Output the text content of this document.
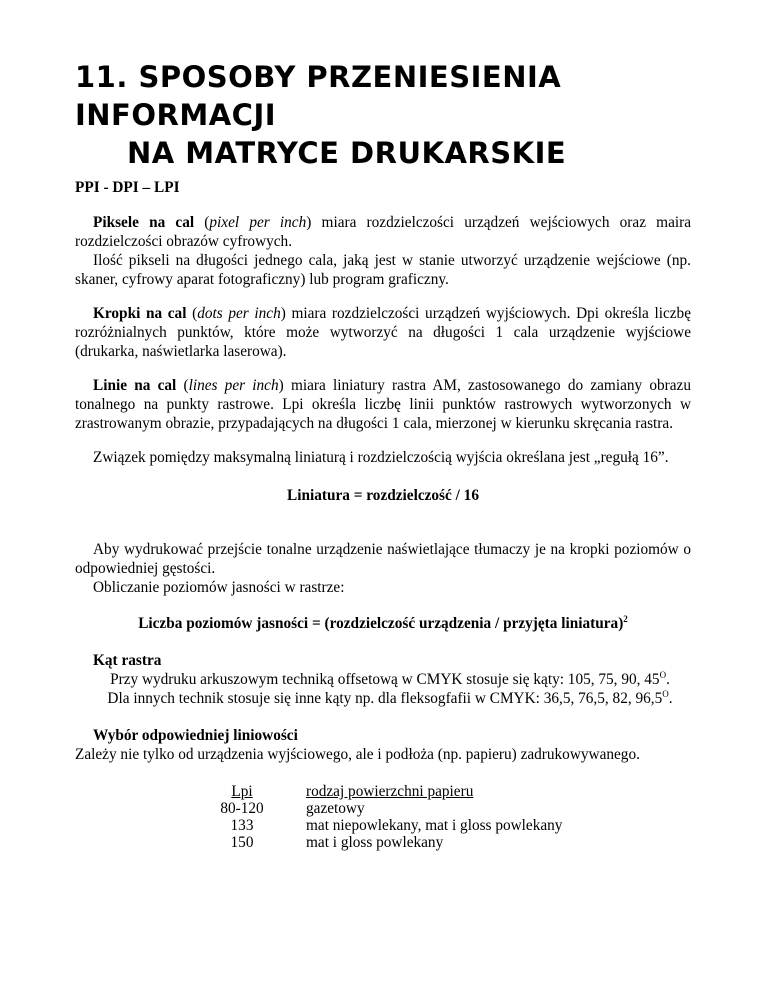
11. SPOSOBY PRZENIESIENIA INFORMACJI
NA MATRYCE DRUKARSKIE
PPI - DPI – LPI
Piksele na cal (pixel per inch) miara rozdzielczości urządzeń wejściowych oraz maira rozdzielczości obrazów cyfrowych.
Ilość pikseli na długości jednego cala, jaką jest w stanie utworzyć urządzenie wejściowe (np. skaner, cyfrowy aparat fotograficzny) lub program graficzny.
Kropki na cal (dots per inch) miara rozdzielczości urządzeń wyjściowych. Dpi określa liczbę rozróżnialnych punktów, które może wytworzyć na długości 1 cala urządzenie wyjściowe (drukarka, naświetlarka laserowa).
Linie na cal (lines per inch) miara liniatury rastra AM, zastosowanego do zamiany obrazu tonalnego na punkty rastrowe. Lpi określa liczbę linii punktów rastrowych wytworzonych w zrastrowanym obrazie, przypadających na długości 1 cala, mierzonej w kierunku skręcania rastra.
Związek pomiędzy maksymalną liniaturą i rozdzielczością wyjścia określana jest „regułą 16”.
Liniatura = rozdzielczość / 16
Aby wydrukować przejście tonalne urządzenie naświetlające tłumaczy je na kropki poziomów o odpowiedniej gęstości.
Obliczanie poziomów jasności w rastrze:
Liczba poziomów jasności = (rozdzielczość urządzenia / przyjęta liniatura)$^2$
Kąt rastra
Przy wydruku arkuszowym techniką offsetową w CMYK stosuje się kąty: 105, 75, 90, $45^O$.
Dla innych technik stosuje się inne kąty np. dla fleksogfafii w CMYK: 36,5, 76,5, 82, $96,5^O$.
Wybór odpowiedniej liniowości
Zależy nie tylko od urządzenia wyjściowego, ale i podłoża (np. papieru) zadrukowywanego.
Lpi	rodzaj powierzchni papieru
80-120	gazetowy
133	mat niepowlekany, mat i gloss powlekany
150	mat i gloss powlekany
